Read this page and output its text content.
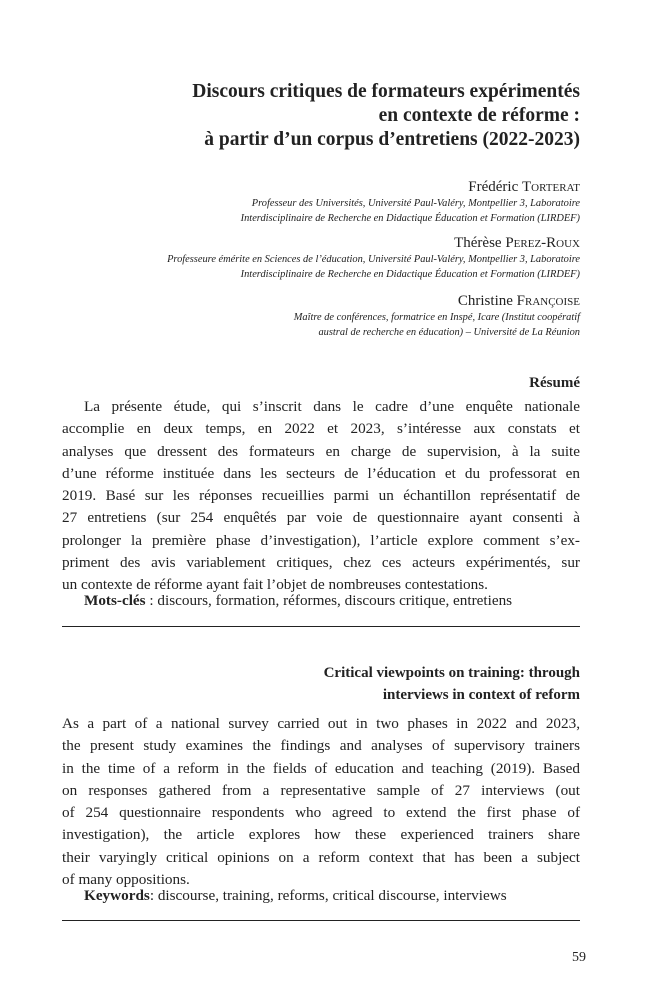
Discours critiques de formateurs expérimentés
en contexte de réforme :
à partir d’un corpus d’entretiens (2022-2023)
Frédéric Torterat
Professeur des Universités, Université Paul-Valéry, Montpellier 3, Laboratoire
Interdisciplinaire de Recherche en Didactique Éducation et Formation (LIRDEF)
Thérèse Perez-Roux
Professeure émérite en Sciences de l’éducation, Université Paul-Valéry, Montpellier 3, Laboratoire
Interdisciplinaire de Recherche en Didactique Éducation et Formation (LIRDEF)
Christine Françoise
Maître de conférences, formatrice en Inspé, Icare (Institut coopératif
austral de recherche en éducation) – Université de La Réunion
Résumé
La présente étude, qui s’inscrit dans le cadre d’une enquête nationale
accomplie en deux temps, en 2022 et 2023, s’intéresse aux constats et
analyses que dressent des formateurs en charge de supervision, à la suite
d’une réforme instituée dans les secteurs de l’éducation et du professorat en
2019. Basé sur les réponses recueillies parmi un échantillon représentatif de
27 entretiens (sur 254 enquêtés par voie de questionnaire ayant consenti à
prolonger la première phase d’investigation), l’article explore comment s’ex-
priment des avis variablement critiques, chez ces acteurs expérimentés, sur
un contexte de réforme ayant fait l’objet de nombreuses contestations.
Mots-clés : discours, formation, réformes, discours critique, entretiens
Critical viewpoints on training: through
interviews in context of reform
As a part of a national survey carried out in two phases in 2022 and 2023,
the present study examines the findings and analyses of supervisory trainers
in the time of a reform in the fields of education and teaching (2019). Based
on responses gathered from a representative sample of 27 interviews (out
of 254 questionnaire respondents who agreed to extend the first phase of
investigation), the article explores how these experienced trainers share
their varyingly critical opinions on a reform context that has been a subject
of many oppositions.
Keywords: discourse, training, reforms, critical discourse, interviews
59
